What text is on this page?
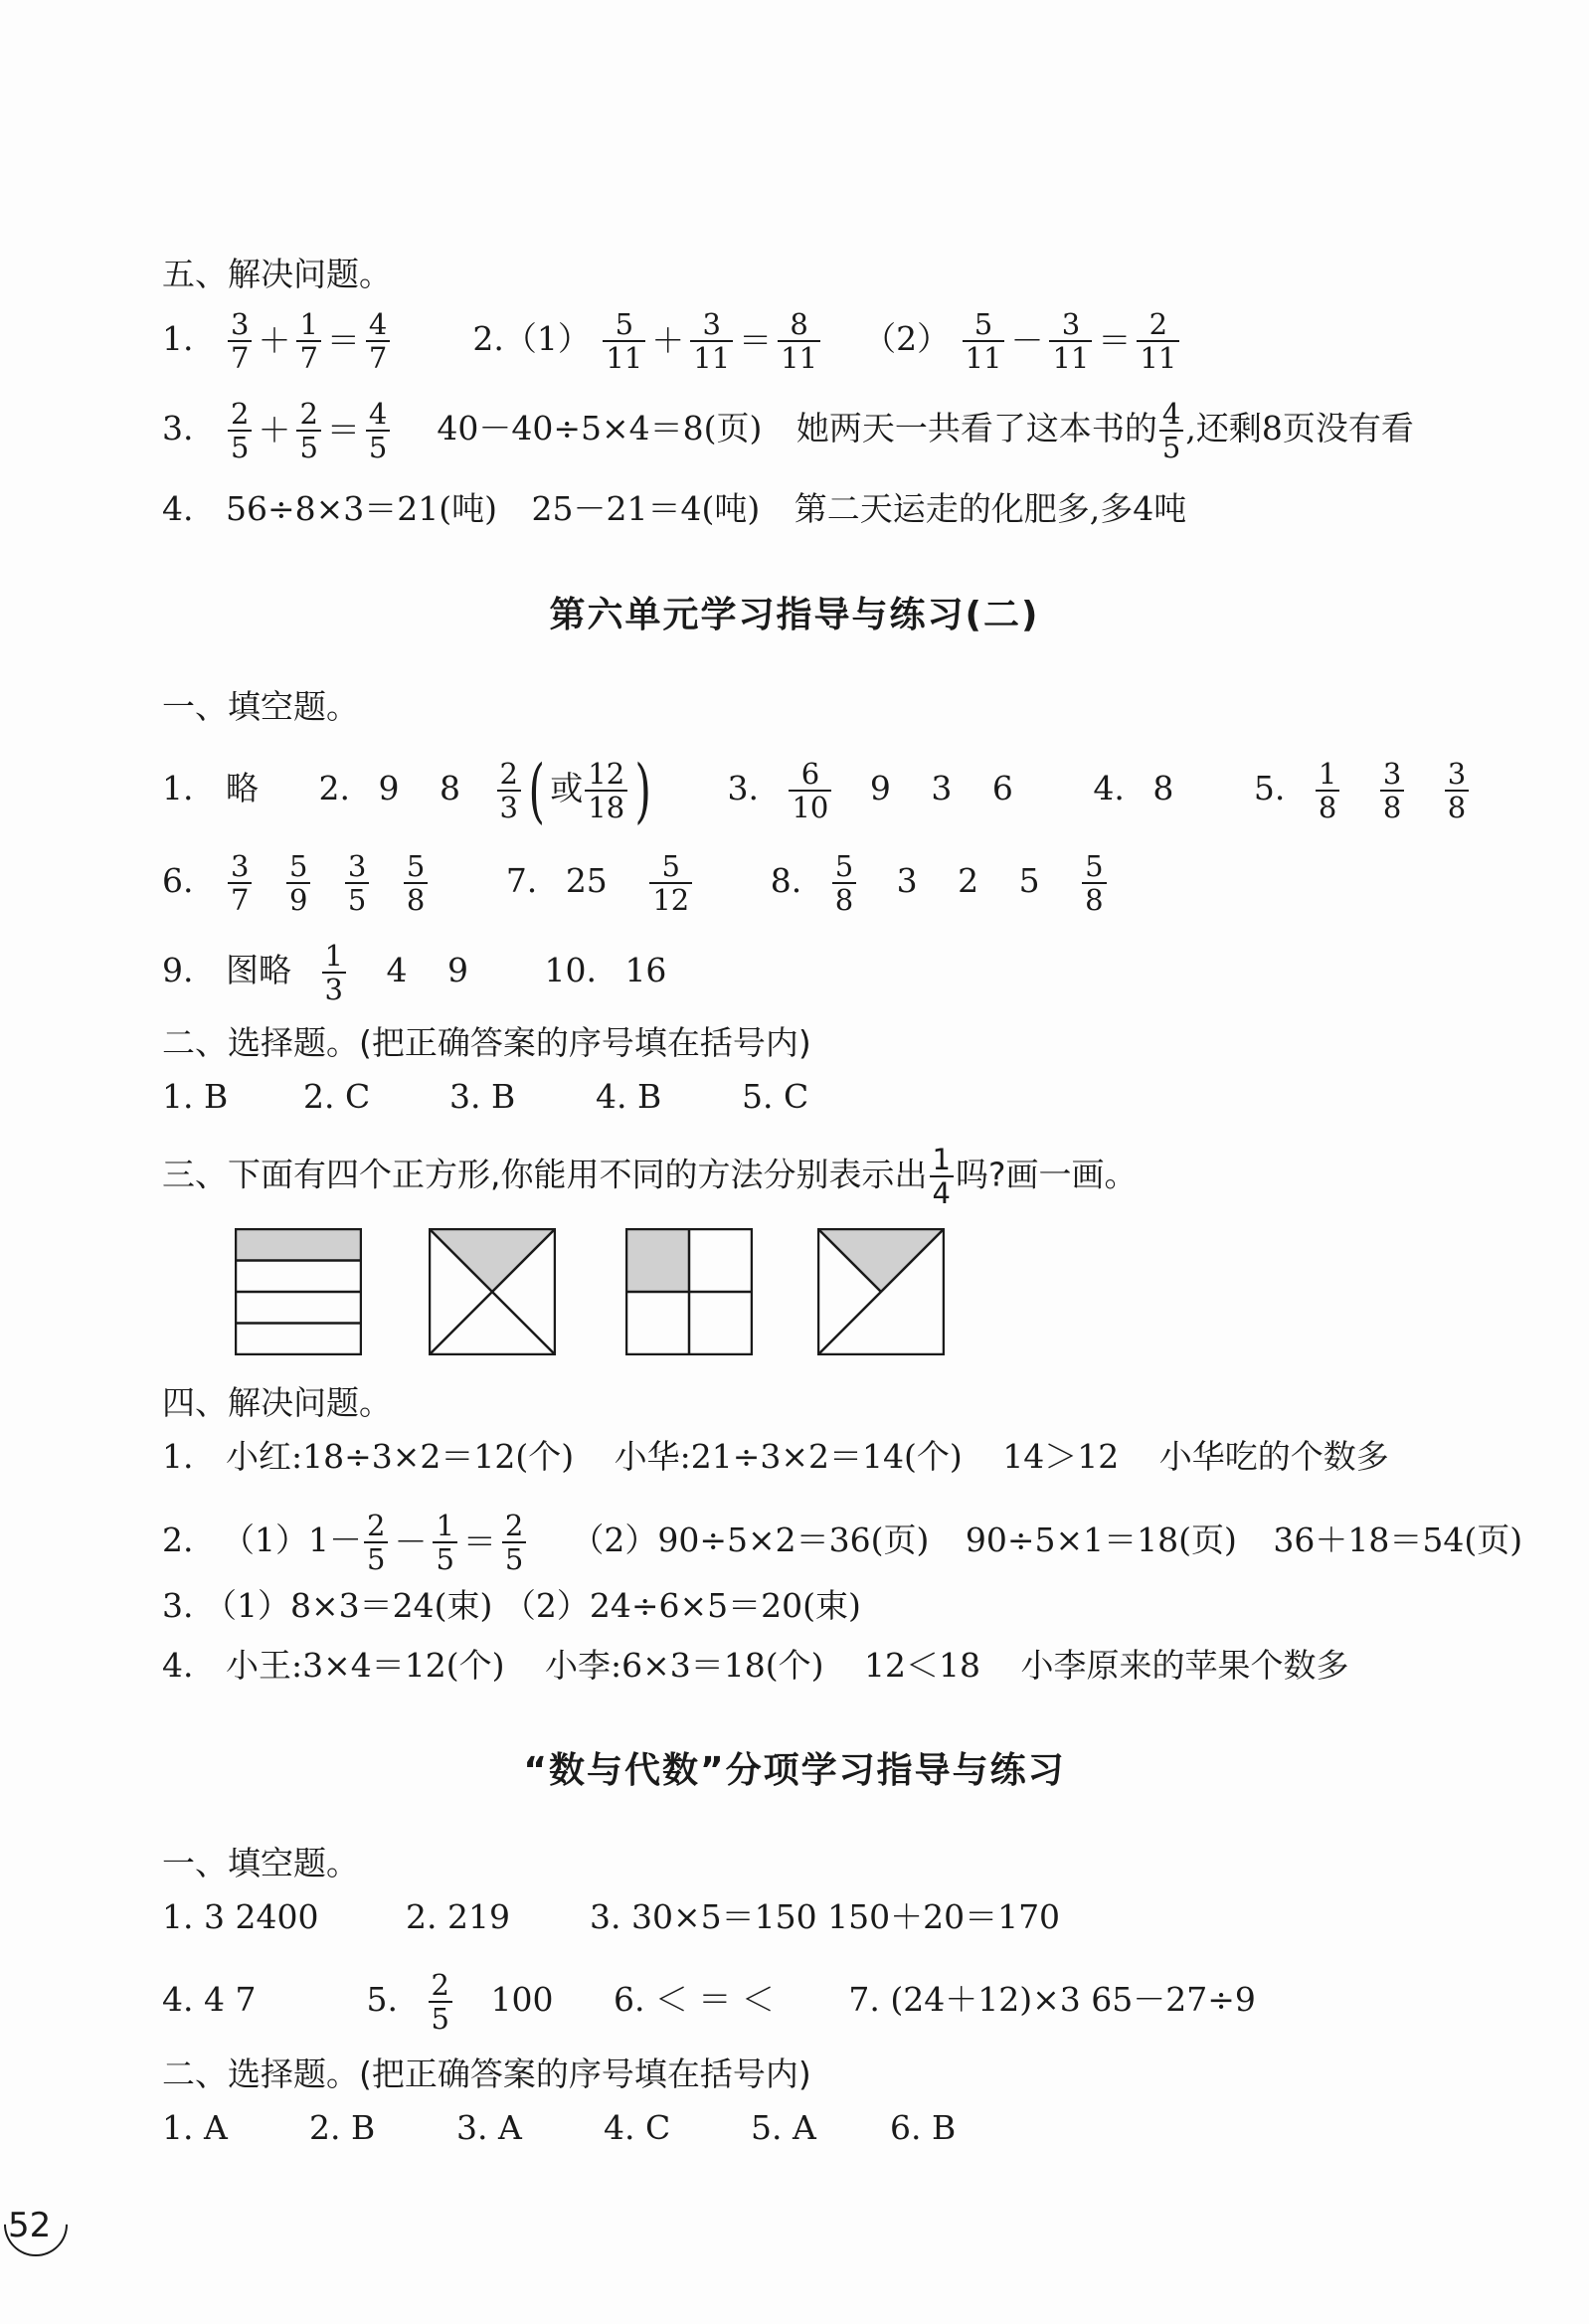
五、解决问题。
1. $\frac{3}{7} + \frac{1}{7} = \frac{4}{7}$	$2.(1) \frac{5}{11} + \frac{3}{11} = \frac{8}{11} (2) \frac{5}{11} - \frac{3}{11} = \frac{2}{11}$
3. $\frac{2}{5} + \frac{2}{5} = \frac{4}{5} 40-40\div 5\times 4=8$(页) 她两天一共看了这本书的 $\frac{4}{5}$ ,还剩8页没有看
4. 56÷8×3＝21(吨) 25－21＝4(吨) 第二天运走的化肥多,多4吨
第六单元学习指导与练习(二)
一、填空题。
1. 略 2. 9 $8 \frac{2}{3}$ ( 或 $\frac{12}{18}$ ) 3. $\frac{6}{10} 9$ 3 6 4. 8 5. $\frac{1}{8}$
$\frac{3}{8}$
$\frac{3}{8}$
6. $\frac{3}{7}$
$\frac{5}{9}$
$\frac{3}{5}$
$\frac{5}{8} 7$. $25 \frac{5}{12} 8$. $\frac{5}{8} 3$ 2 $5 \frac{5}{8}$
9. 图略 $\frac{1}{3} 4$ 9 10. 16
二、选择题。(把正确答案的序号填在括号内)
1. B 2. C 3. B 4. B 5. C
三、下面有四个正方形,你能用不同的方法分别表示出 $\frac{1}{4}$ 吗?画一画。
四、解决问题。
1. 小红:18÷3×2＝12(个) 小华:21÷3×2＝14(个) 14＞12 小华吃的个数多
2. $(1)1- \frac{2}{5} - \frac{1}{5} = \frac{2}{5} (2)90\div 5\times 2=36$(页) 90÷5×1＝18(页) 36＋18＝54(页)
3. （1）8×3＝24(束) （2）24÷6×5＝20(束)
4. 小王:3×4＝12(个) 小李:6×3＝18(个) 12＜18 小李原来的苹果个数多
“数与代数”分项学习指导与练习
一、填空题。
1. 3 2400	2. 219 3. 30×5＝150 150＋20＝170
4. 4 7	5. $\frac{2}{5} 100$ 6. ＜ ＝ ＜ 7. (24＋12)×3 65－27÷9
二、选择题。(把正确答案的序号填在括号内)
1. A 2. B 3. A 4. C 5. A 6. B
52
